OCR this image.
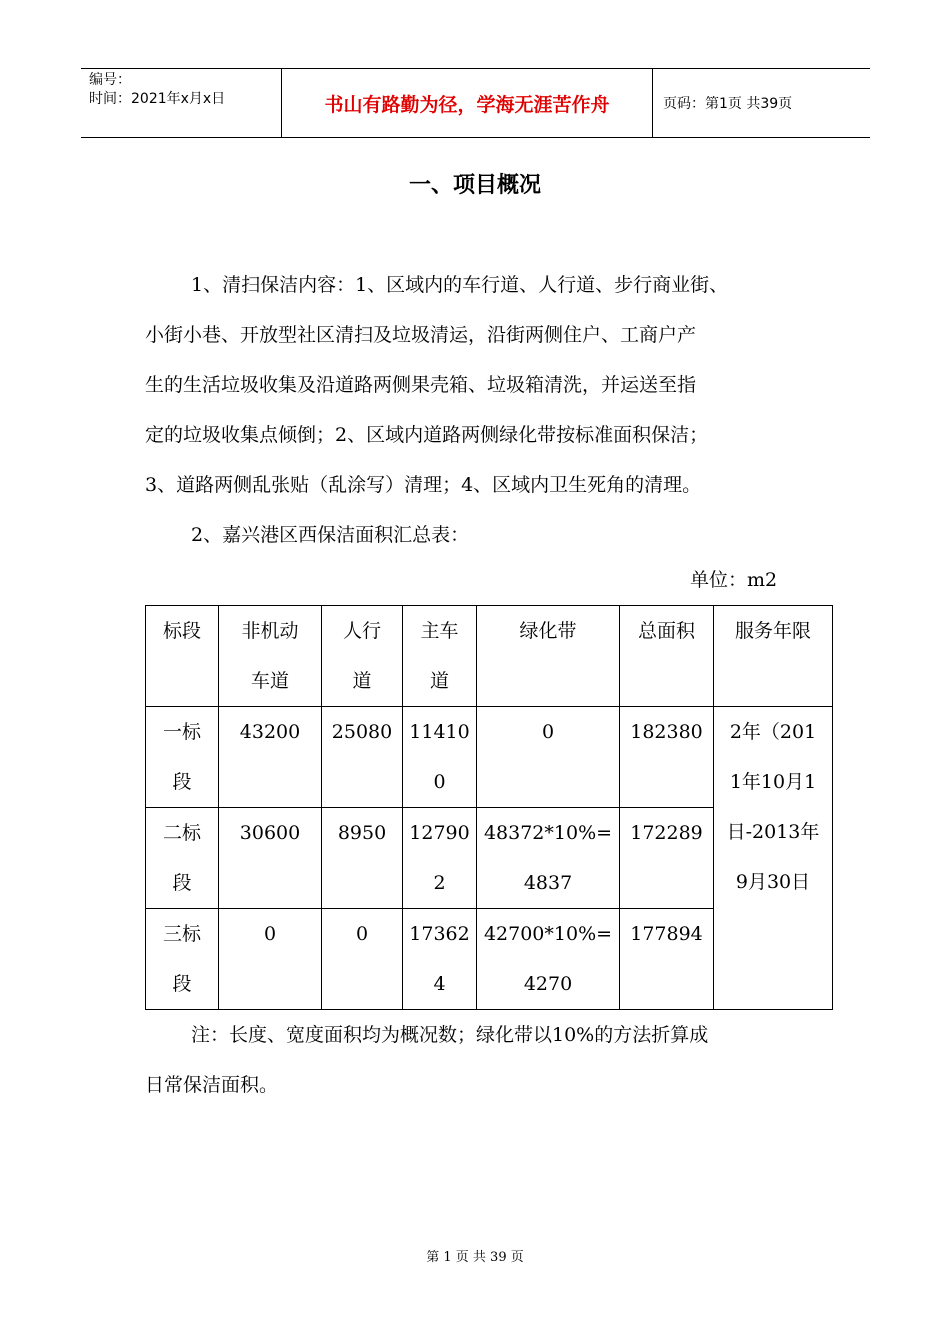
编号：
时间：2021年x月x日	书山有路勤为径，学海无涯苦作舟	页码：第1页 共39页
一、项目概况
1、清扫保洁内容：1、区域内的车行道、人行道、步行商业街、
小街小巷、开放型社区清扫及垃圾清运，沿街两侧住户、工商户产
生的生活垃圾收集及沿道路两侧果壳箱、垃圾箱清洗，并运送至指
定的垃圾收集点倾倒；2、区域内道路两侧绿化带按标准面积保洁；
3、道路两侧乱张贴（乱涂写）清理；4、区域内卫生死角的清理。
2、嘉兴港区西保洁面积汇总表：
单位：m2
标段	非机动车道	人行道	主车道	绿化带	总面积	服务年限
一标段	43200	25080	114100	0	182380	2年（2011年10月1日-2013年9月30日
二标段	30600	8950	127902	48372*10%=4837	172289	
三标段	0	0	173624	42700*10%=4270	177894	
注：长度、宽度面积均为概况数；绿化带以10%的方法折算成
日常保洁面积。
第 1 页 共 39 页
